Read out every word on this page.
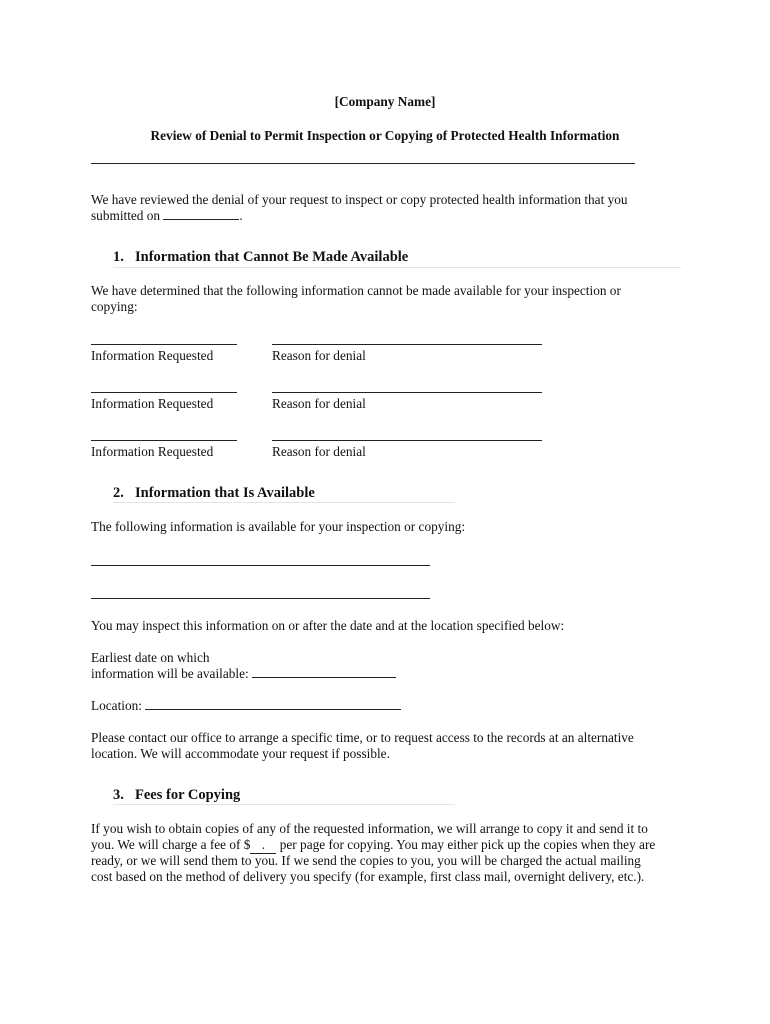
[Company Name]
Review of Denial to Permit Inspection or Copying of Protected Health Information
We have reviewed the denial of your request to inspect or copy protected health information that you
submitted on	.
1. Information that Cannot Be Made Available
We have determined that the following information cannot be made available for your inspection or
copying:
Information Requested	Reason for denial
Information Requested	Reason for denial
Information Requested	Reason for denial
2. Information that Is Available
The following information is available for your inspection or copying:
You may inspect this information on or after the date and at the location specified below:
Earliest date on which
information will be available:
Location:
Please contact our office to arrange a specific time, or to request access to the records at an alternative
location. We will accommodate your request if possible.
3. Fees for Copying
If you wish to obtain copies of any of the requested information, we will arrange to copy it and send it to
you. We will charge a fee of $ . per page for copying. You may either pick up the copies when they are
ready, or we will send them to you. If we send the copies to you, you will be charged the actual mailing
cost based on the method of delivery you specify (for example, first class mail, overnight delivery, etc.).
